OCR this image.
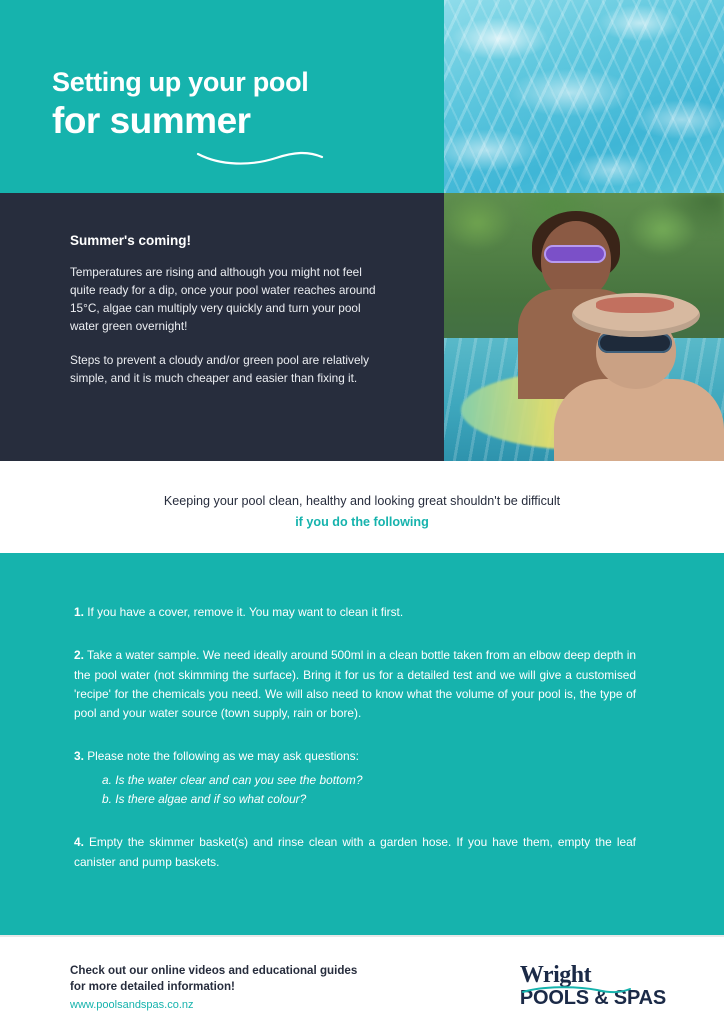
Setting up your pool
for summer
Summer's coming!
Temperatures are rising and although you might not feel quite ready for a dip, once your pool water reaches around 15°C, algae can multiply very quickly and turn your pool water green overnight!
Steps to prevent a cloudy and/or green pool are relatively simple, and it is much cheaper and easier than fixing it.
Keeping your pool clean, healthy and looking great shouldn't be difficult
if you do the following
1. If you have a cover, remove it. You may want to clean it first.
2. Take a water sample. We need ideally around 500ml in a clean bottle taken from an elbow deep depth in the pool water (not skimming the surface). Bring it for us for a detailed test and we will give a customised 'recipe' for the chemicals you need. We will also need to know what the volume of your pool is, the type of pool and your water source (town supply, rain or bore).
3. Please note the following as we may ask questions:
a. Is the water clear and can you see the bottom?
b. Is there algae and if so what colour?
4. Empty the skimmer basket(s) and rinse clean with a garden hose. If you have them, empty the leaf canister and pump baskets.
Check out our online videos and educational guides
for more detailed information!
www.poolsandspas.co.nz
Wright
POOLS & SPAS
